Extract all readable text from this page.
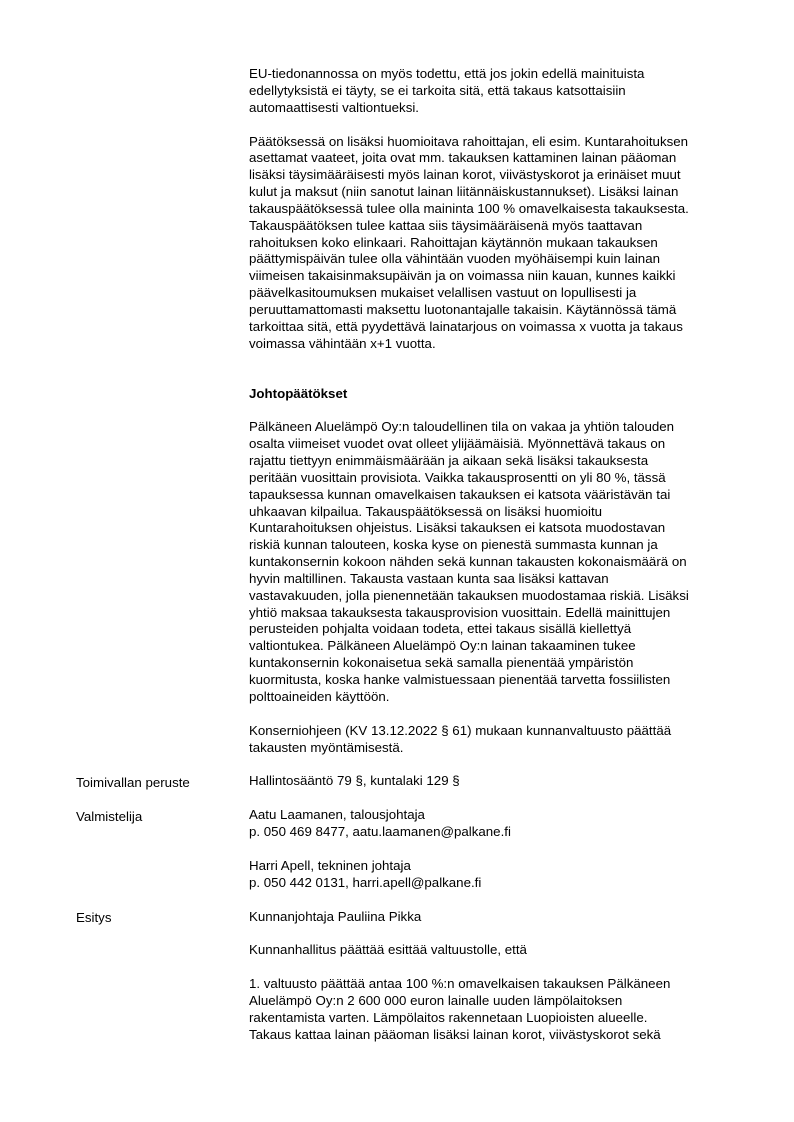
EU-tiedonannossa on myös todettu, että jos jokin edellä mainituista
edellytyksistä ei täyty, se ei tarkoita sitä, että takaus katsottaisiin
automaattisesti valtiontueksi.

Päätöksessä on lisäksi huomioitava rahoittajan, eli esim. Kuntarahoituksen
asettamat vaateet, joita ovat mm. takauksen kattaminen lainan pääoman
lisäksi täysimääräisesti myös lainan korot, viivästyskorot ja erinäiset muut
kulut ja maksut (niin sanotut lainan liitännäiskustannukset). Lisäksi lainan
takauspäätöksessä tulee olla maininta 100 % omavelkaisesta takauksesta.
Takauspäätöksen tulee kattaa siis täysimääräisenä myös taattavan
rahoituksen koko elinkaari. Rahoittajan käytännön mukaan takauksen
päättymispäivän tulee olla vähintään vuoden myöhäisempi kuin lainan
viimeisen takaisinmaksupäivän ja on voimassa niin kauan, kunnes kaikki
päävelkasitoumuksen mukaiset velallisen vastuut on lopullisesti ja
peruuttamattomasti maksettu luotonantajalle takaisin. Käytännössä tämä
tarkoittaa sitä, että pyydettävä lainatarjous on voimassa x vuotta ja takaus
voimassa vähintään x+1 vuotta.

Johtopäätökset

Pälkäneen Aluelämpö Oy:n taloudellinen tila on vakaa ja yhtiön talouden
osalta viimeiset vuodet ovat olleet ylijäämäisiä. Myönnettävä takaus on
rajattu tiettyyn enimmäismäärään ja aikaan sekä lisäksi takauksesta
peritään vuosittain provisiota. Vaikka takausprosentti on yli 80 %, tässä
tapauksessa kunnan omavelkaisen takauksen ei katsota vääristävän tai
uhkaavan kilpailua. Takauspäätöksessä on lisäksi huomioitu
Kuntarahoituksen ohjeistus. Lisäksi takauksen ei katsota muodostavan
riskiä kunnan talouteen, koska kyse on pienestä summasta kunnan ja
kuntakonsernin kokoon nähden sekä kunnan takausten kokonaismäärä on
hyvin maltillinen. Takausta vastaan kunta saa lisäksi kattavan
vastavakuuden, jolla pienennetään takauksen muodostamaa riskiä. Lisäksi
yhtiö maksaa takauksesta takausprovision vuosittain. Edellä mainittujen
perusteiden pohjalta voidaan todeta, ettei takaus sisällä kiellettyä
valtiontukea. Pälkäneen Aluelämpö Oy:n lainan takaaminen tukee
kuntakonsernin kokonaisetua sekä samalla pienentää ympäristön
kuormitusta, koska hanke valmistuessaan pienentää tarvetta fossiilisten
polttoaineiden käyttöön.

Konserniohjeen (KV 13.12.2022 § 61) mukaan kunnanvaltuusto päättää
takausten myöntämisestä.

Hallintosääntö 79 §, kuntalaki 129 §

Aatu Laamanen, talousjohtaja
p. 050 469 8477, aatu.laamanen@palkane.fi

Harri Apell, tekninen johtaja
p. 050 442 0131, harri.apell@palkane.fi

Kunnanjohtaja Pauliina Pikka

Kunnanhallitus päättää esittää valtuustolle, että

1. valtuusto päättää antaa 100 %:n omavelkaisen takauksen Pälkäneen
Aluelämpö Oy:n 2 600 000 euron lainalle uuden lämpölaitoksen
rakentamista varten. Lämpölaitos rakennetaan Luopioisten alueelle.
Takaus kattaa lainan pääoman lisäksi lainan korot, viivästyskorot sekä

Toimivallan peruste
Valmistelija
Esitys
